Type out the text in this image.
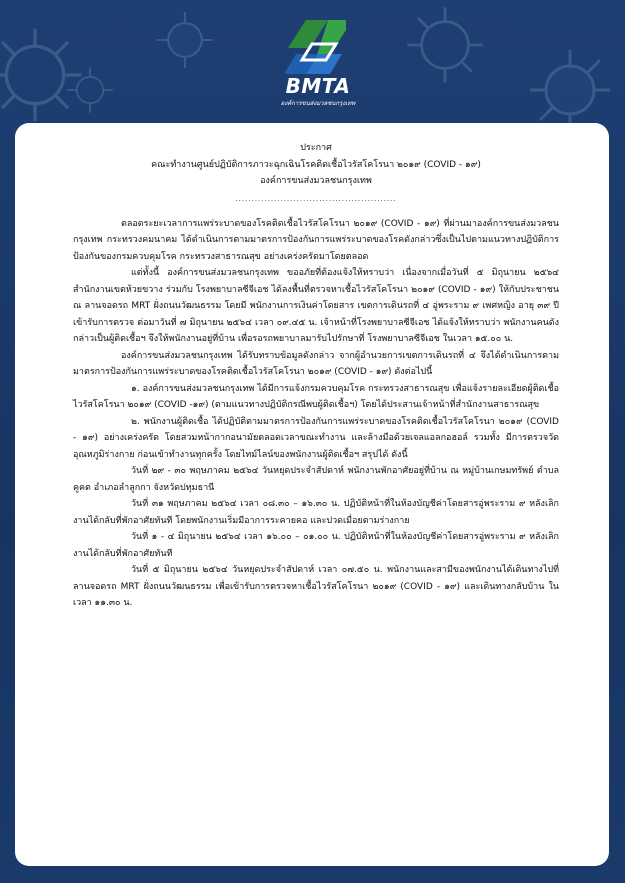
BMTA
องค์การขนส่งมวลชนกรุงเทพ
ประกาศ
คณะทำงานศูนย์ปฏิบัติการภาวะฉุกเฉินโรคติดเชื้อไวรัสโคโรนา ๒๐๑๙ (COVID - ๑๙)
องค์การขนส่งมวลชนกรุงเทพ
..................................................

ตลอดระยะเวลาการแพร่ระบาดของโรคติดเชื้อไวรัสโคโรนา ๒๐๑๙ (COVID - ๑๙) ที่ผ่านมาองค์การขนส่งมวลชนกรุงเทพ กระทรวงคมนาคม ได้ดำเนินการตามมาตรการป้องกันการแพร่ระบาดของโรคดังกล่าวซึ่งเป็นไปตามแนวทางปฏิบัติการป้องกันของกรมควบคุมโรค กระทรวงสาธารณสุข อย่างเคร่งครัดมาโดยตลอด

แต่ทั้งนี้ องค์การขนส่งมวลชนกรุงเทพ ขออภัยที่ต้องแจ้งให้ทราบว่า เนื่องจากเมื่อวันที่ ๕ มิถุนายน ๒๕๖๔ สำนักงานเขตห้วยขวาง ร่วมกับ โรงพยาบาลซีจีเอช ได้ลงพื้นที่ตรวจหาเชื้อไวรัสโคโรนา ๒๐๑๙ (COVID - ๑๙) ให้กับประชาชน ณ ลานจอดรถ MRT ฝั่งถนนวัฒนธรรม โดยมี พนักงานการเงินค่าโดยสาร เขตการเดินรถที่ ๔ อู่พระราม ๙ เพศหญิง อายุ ๓๙ ปี เข้ารับการตรวจ ต่อมาวันที่ ๗ มิถุนายน ๒๕๖๔ เวลา ๐๙.๔๕ น. เจ้าหน้าที่โรงพยาบาลซีจีเอช ได้แจ้งให้ทราบว่า พนักงานคนดังกล่าวเป็นผู้ติดเชื้อฯ จึงให้พนักงานอยู่ที่บ้าน เพื่อรอรถพยาบาลมารับไปรักษาที่ โรงพยาบาลซีจีเอช ในเวลา ๑๕.๐๐ น.

องค์การขนส่งมวลชนกรุงเทพ ได้รับทราบข้อมูลดังกล่าว จากผู้อำนวยการเขตการเดินรถที่ ๔ จึงได้ดำเนินการตามมาตรการป้องกันการแพร่ระบาดของโรคติดเชื้อไวรัสโคโรนา ๒๐๑๙ (COVID - ๑๙) ดังต่อไปนี้

๑. องค์การขนส่งมวลชนกรุงเทพ ได้มีการแจ้งกรมควบคุมโรค กระทรวงสาธารณสุข เพื่อแจ้งรายละเอียดผู้ติดเชื้อไวรัสโคโรนา ๒๐๑๙ (COVID -๑๙) (ตามแนวทางปฏิบัติกรณีพบผู้ติดเชื้อฯ) โดยได้ประสานเจ้าหน้าที่สำนักงานสาธารณสุข

๒. พนักงานผู้ติดเชื้อ ได้ปฏิบัติตามมาตรการป้องกันการแพร่ระบาดของโรคติดเชื้อไวรัสโคโรนา ๒๐๑๙ (COVID - ๑๙) อย่างเคร่งครัด โดยสวมหน้ากากอนามัยตลอดเวลาขณะทำงาน และล้างมือด้วยเจลแอลกอฮอล์ รวมทั้ง มีการตรวจวัดอุณหภูมิร่างกาย ก่อนเข้าทำงานทุกครั้ง โดยไทม์ไลน์ของพนักงานผู้ติดเชื้อฯ สรุปได้ ดังนี้

วันที่ ๒๙ - ๓๐ พฤษภาคม ๒๕๖๔ วันหยุดประจำสัปดาห์ พนักงานพักอาศัยอยู่ที่บ้าน ณ หมู่บ้านเกษมทรัพย์ ตำบลคูคต อำเภอลำลูกกา จังหวัดปทุมธานี

วันที่ ๓๑ พฤษภาคม ๒๕๖๔ เวลา ๐๘.๓๐ – ๑๖.๓๐ น. ปฏิบัติหน้าที่ในห้องบัญชีค่าโดยสารอู่พระราม ๙ หลังเลิกงานได้กลับที่พักอาศัยทันที โดยพนักงานเริ่มมีอาการระคายคอ และปวดเมื่อยตามร่างกาย

วันที่ ๑ - ๔ มิถุนายน ๒๕๖๔ เวลา ๑๖.๐๐ – ๐๑.๐๐ น. ปฏิบัติหน้าที่ในห้องบัญชีค่าโดยสารอู่พระราม ๙ หลังเลิกงานได้กลับที่พักอาศัยทันที

วันที่ ๕ มิถุนายน ๒๕๖๔ วันหยุดประจำสัปดาห์ เวลา ๐๗.๕๐ น. พนักงานและสามีของพนักงานได้เดินทางไปที่ลานจอดรถ MRT ฝั่งถนนวัฒนธรรม เพื่อเข้ารับการตรวจหาเชื้อไวรัสโคโรนา ๒๐๑๙ (COVID - ๑๙) และเดินทางกลับบ้าน ในเวลา ๑๑.๓๐ น.
